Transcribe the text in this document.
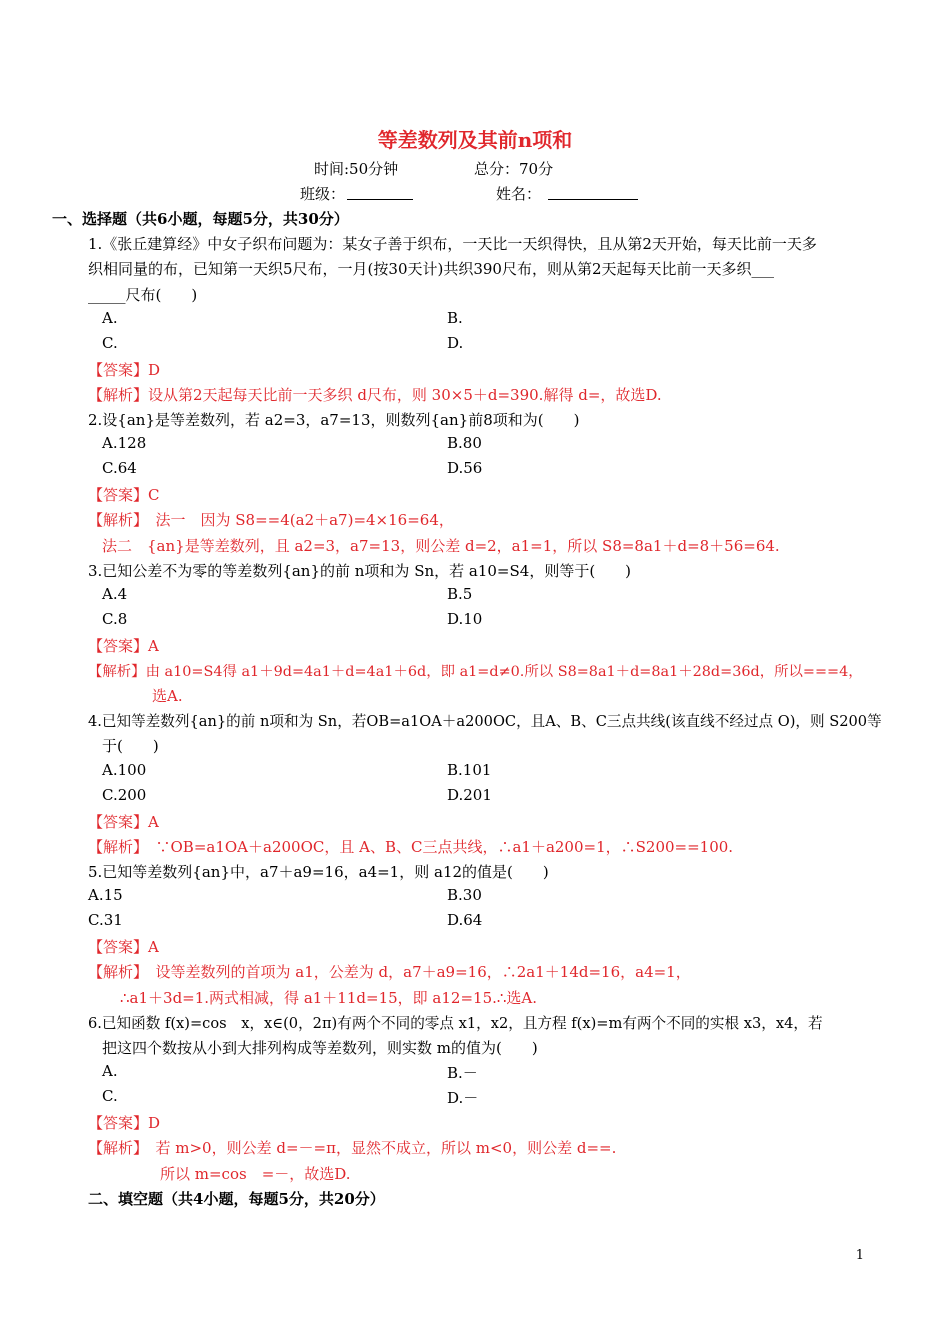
等差数列及其前n项和
时间:50分钟	总分：70分
班级：	姓名：
一、选择题（共6小题，每题5分，共30分）
1.《张丘建算经》中女子织布问题为：某女子善于织布，一天比一天织得快，且从第2天开始，每天比前一天多
织相同量的布，已知第一天织5尺布，一月(按30天计)共织390尺布，则从第2天起每天比前一天多织___
_____尺布(　　)
A.	B.
C.	D.
【答案】D
【解析】设从第2天起每天比前一天多织 d尺布，则 30×5＋d=390.解得 d=，故选D.
2.设{an}是等差数列，若 a2=3，a7=13，则数列{an}前8项和为(　　)
A.128	B.80
C.64	D.56
【答案】C
【解析】　法一　因为 S8==4(a2＋a7)=4×16=64，
法二　{an}是等差数列，且 a2=3，a7=13，则公差 d=2，a1=1，所以 S8=8a1＋d=8＋56=64.
3.已知公差不为零的等差数列{an}的前 n项和为 Sn，若 a10=S4，则等于(　　)
A.4	B.5
C.8	D.10
【答案】A
【解析】由 a10=S4得 a1＋9d=4a1＋d=4a1＋6d，即 a1=d≠0.所以 S8=8a1＋d=8a1＋28d=36d，所以===4，
选A.
4.已知等差数列{an}的前 n项和为 Sn，若OB=a1OA＋a200OC，且A、B、C三点共线(该直线不经过点 O)，则 S200等
于(　　)
A.100	B.101
C.200	D.201
【答案】A
【解析】　∵OB=a1OA＋a200OC，且 A、B、C三点共线，∴a1＋a200=1，∴S200==100.
5.已知等差数列{an}中，a7＋a9=16，a4=1，则 a12的值是(　　)
A.15	B.30
C.31	D.64
【答案】A
【解析】　设等差数列的首项为 a1，公差为 d，a7＋a9=16，∴2a1＋14d=16，a4=1，
∴a1＋3d=1.两式相减，得 a1＋11d=15，即 a12=15.∴选A.
6.已知函数 f(x)=cos　x，x∈(0，2π)有两个不同的零点 x1，x2，且方程 f(x)=m有两个不同的实根 x3，x4，若
把这四个数按从小到大排列构成等差数列，则实数 m的值为(　　)
A.	B.－
C.	D.－
【答案】D
【解析】　若 m>0，则公差 d=－=π，显然不成立，所以 m<0，则公差 d==.
所以 m=cos　=－，故选D.
二、填空题（共4小题，每题5分，共20分）
1
